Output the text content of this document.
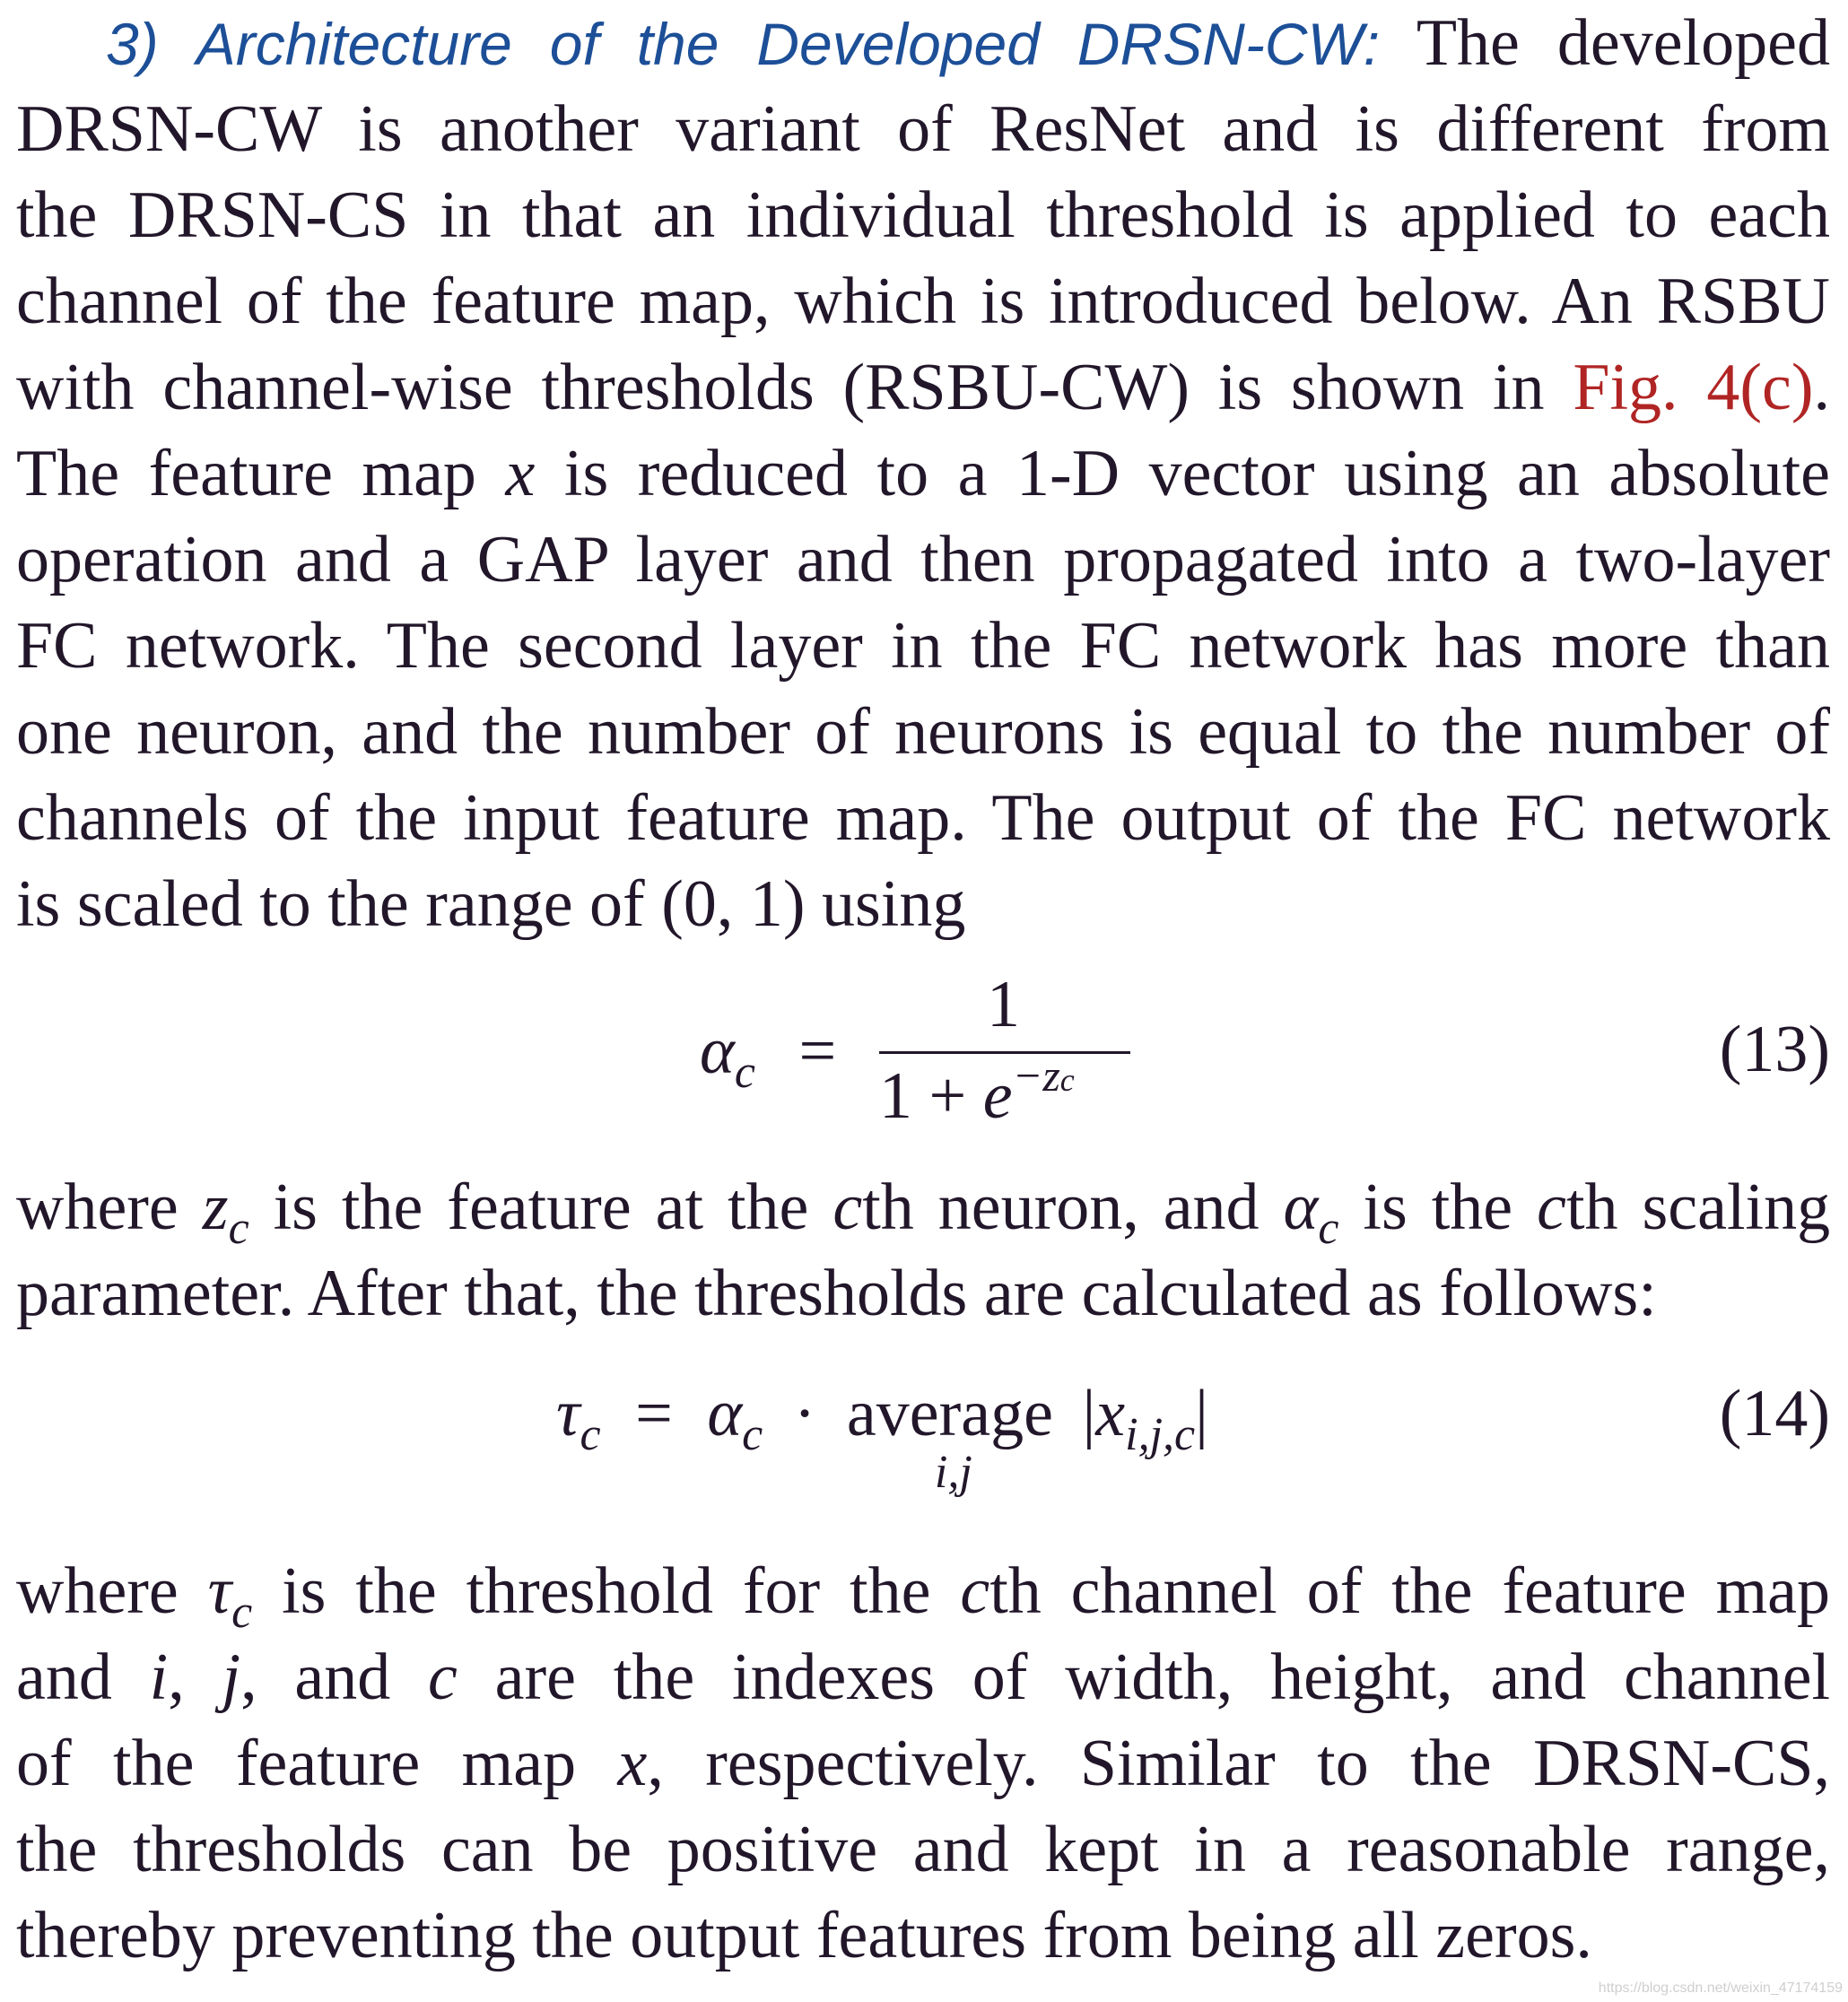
3) Architecture of the Developed DRSN-CW: The developed
DRSN-CW is another variant of ResNet and is different from
the DRSN-CS in that an individual threshold is applied to each
channel of the feature map, which is introduced below. An RSBU
with channel-wise thresholds (RSBU-CW) is shown in Fig. 4(c).
The feature map x is reduced to a 1-D vector using an absolute
operation and a GAP layer and then propagated into a two-layer
FC network. The second layer in the FC network has more than
one neuron, and the number of neurons is equal to the number of
channels of the input feature map. The output of the FC network
is scaled to the range of (0, 1) using
$\alpha_c$ =
1
$1 + e^{-zc}$	(13)
where $z_c$ is the feature at the cth neuron, and $\alpha_c$ is the cth scaling
parameter. After that, the thresholds are calculated as follows:
$\tau_c = \alpha_c$ · average
i,j
$|x_{i,j,c}|$	(14)
where $\tau_c$ is the threshold for the cth channel of the feature map
and i, j, and c are the indexes of width, height, and channel
of the feature map x, respectively. Similar to the DRSN-CS,
the thresholds can be positive and kept in a reasonable range,
thereby preventing the output features from being all zeros.
https://blog.csdn.net/weixin_47174159
